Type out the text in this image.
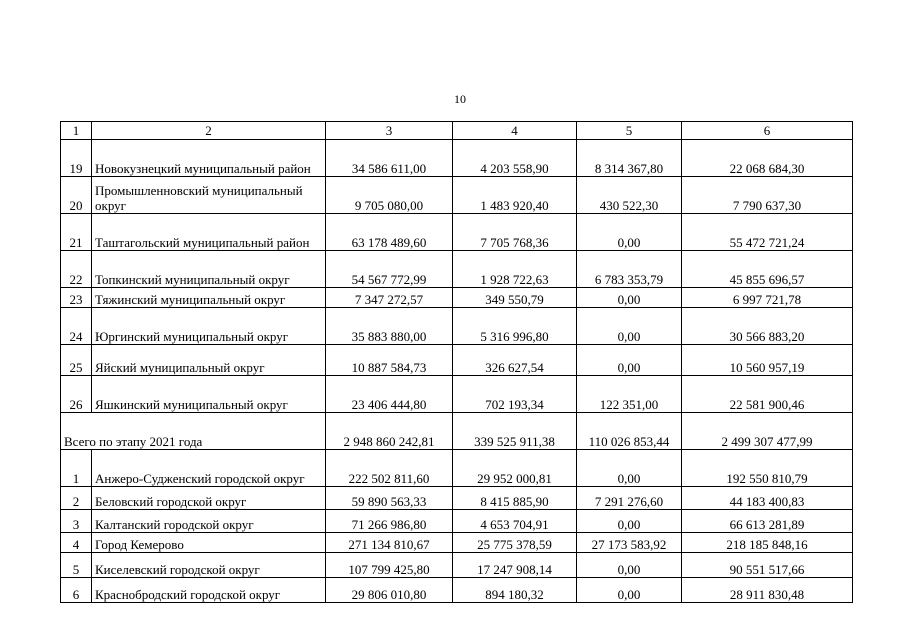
10
1	2	3	4	5	6
19	Новокузнецкий муниципальный район	34 586 611,00	4 203 558,90	8 314 367,80	22 068 684,30
20	Промышленновский муниципальный округ	9 705 080,00	1 483 920,40	430 522,30	7 790 637,30
21	Таштагольский муниципальный район	63 178 489,60	7 705 768,36	0,00	55 472 721,24
22	Топкинский муниципальный округ	54 567 772,99	1 928 722,63	6 783 353,79	45 855 696,57
23	Тяжинский муниципальный округ	7 347 272,57	349 550,79	0,00	6 997 721,78
24	Юргинский муниципальный округ	35 883 880,00	5 316 996,80	0,00	30 566 883,20
25	Яйский муниципальный округ	10 887 584,73	326 627,54	0,00	10 560 957,19
26	Яшкинский муниципальный округ	23 406 444,80	702 193,34	122 351,00	22 581 900,46
Всего по этапу 2021 года		2 948 860 242,81	339 525 911,38	110 026 853,44	2 499 307 477,99
1	Анжеро-Судженский городской округ	222 502 811,60	29 952 000,81	0,00	192 550 810,79
2	Беловский городской округ	59 890 563,33	8 415 885,90	7 291 276,60	44 183 400,83
3	Калтанский городской округ	71 266 986,80	4 653 704,91	0,00	66 613 281,89
4	Город Кемерово	271 134 810,67	25 775 378,59	27 173 583,92	218 185 848,16
5	Киселевский городской округ	107 799 425,80	17 247 908,14	0,00	90 551 517,66
6	Краснобродский городской округ	29 806 010,80	894 180,32	0,00	28 911 830,48
